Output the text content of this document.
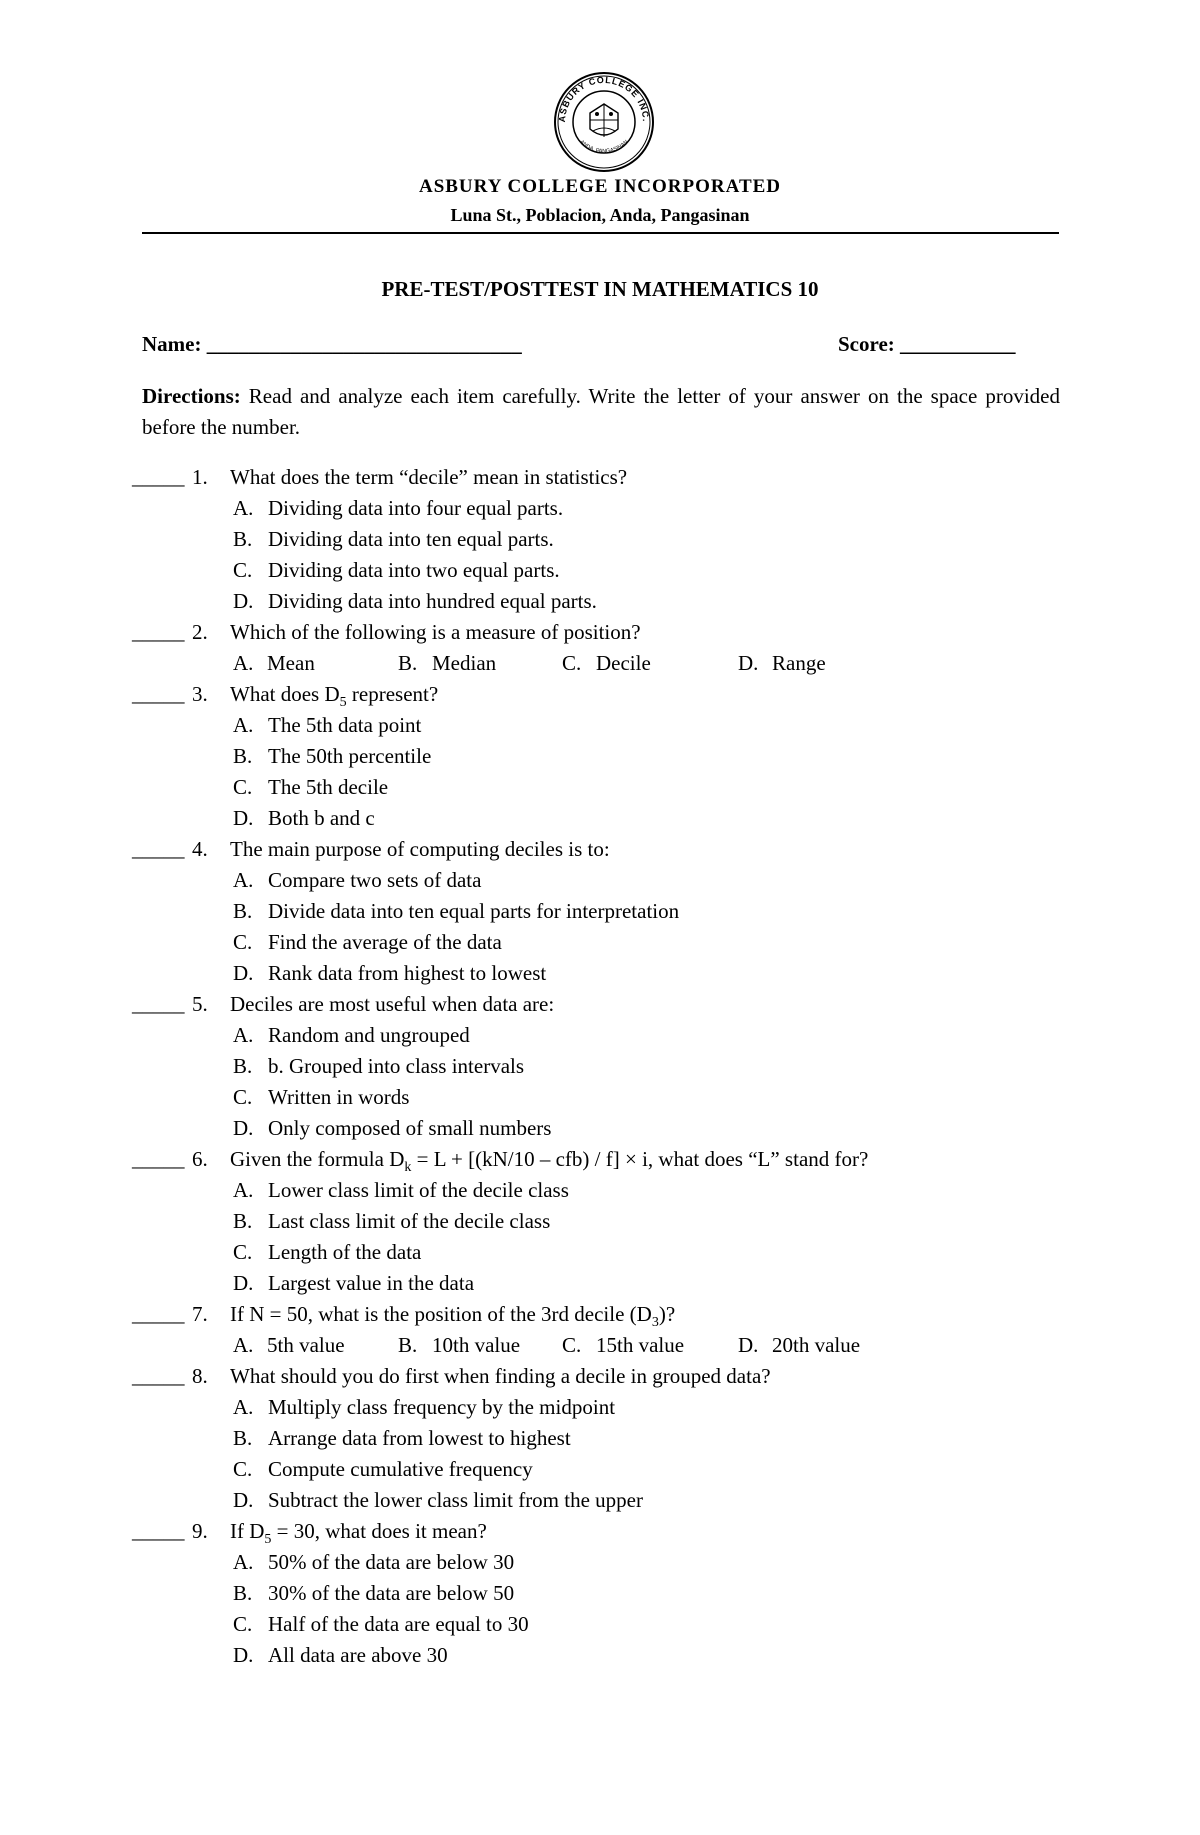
ASBURY COLLEGE INC.
ANDA, PANGASINAN
ASBURY COLLEGE INCORPORATED
Luna St., Poblacion, Anda, Pangasinan
PRE-TEST/POSTTEST IN MATHEMATICS 10
Name: ______________________________	Score: ___________
Directions: Read and analyze each item carefully. Write the letter of your answer on the space provided before the number.
_____ 1. What does the term “decile” mean in statistics?
A. Dividing data into four equal parts.
B. Dividing data into ten equal parts.
C. Dividing data into two equal parts.
D. Dividing data into hundred equal parts.
_____ 2. Which of the following is a measure of position?
A. Mean	B. Median	C. Decile	D. Range
_____ 3. What does $D_5$ represent?
A. The 5th data point
B. The 50th percentile
C. The 5th decile
D. Both b and c
_____ 4. The main purpose of computing deciles is to:
A. Compare two sets of data
B. Divide data into ten equal parts for interpretation
C. Find the average of the data
D. Rank data from highest to lowest
_____ 5. Deciles are most useful when data are:
A. Random and ungrouped
B. b. Grouped into class intervals
C. Written in words
D. Only composed of small numbers
_____ 6. Given the formula $D_k = L + [(kN/10 - cfb) / f] \times i$, what does “L” stand for?
A. Lower class limit of the decile class
B. Last class limit of the decile class
C. Length of the data
D. Largest value in the data
_____ 7. If N = 50, what is the position of the 3rd decile $(D_3)$?
A. 5th value	B. 10th value C. 15th value	D. 20th value
_____ 8. What should you do first when finding a decile in grouped data?
A. Multiply class frequency by the midpoint
B. Arrange data from lowest to highest
C. Compute cumulative frequency
D. Subtract the lower class limit from the upper
_____ 9. If $D_5 = 30$, what does it mean?
A. 50% of the data are below 30
B. 30% of the data are below 50
C. Half of the data are equal to 30
D. All data are above 30
